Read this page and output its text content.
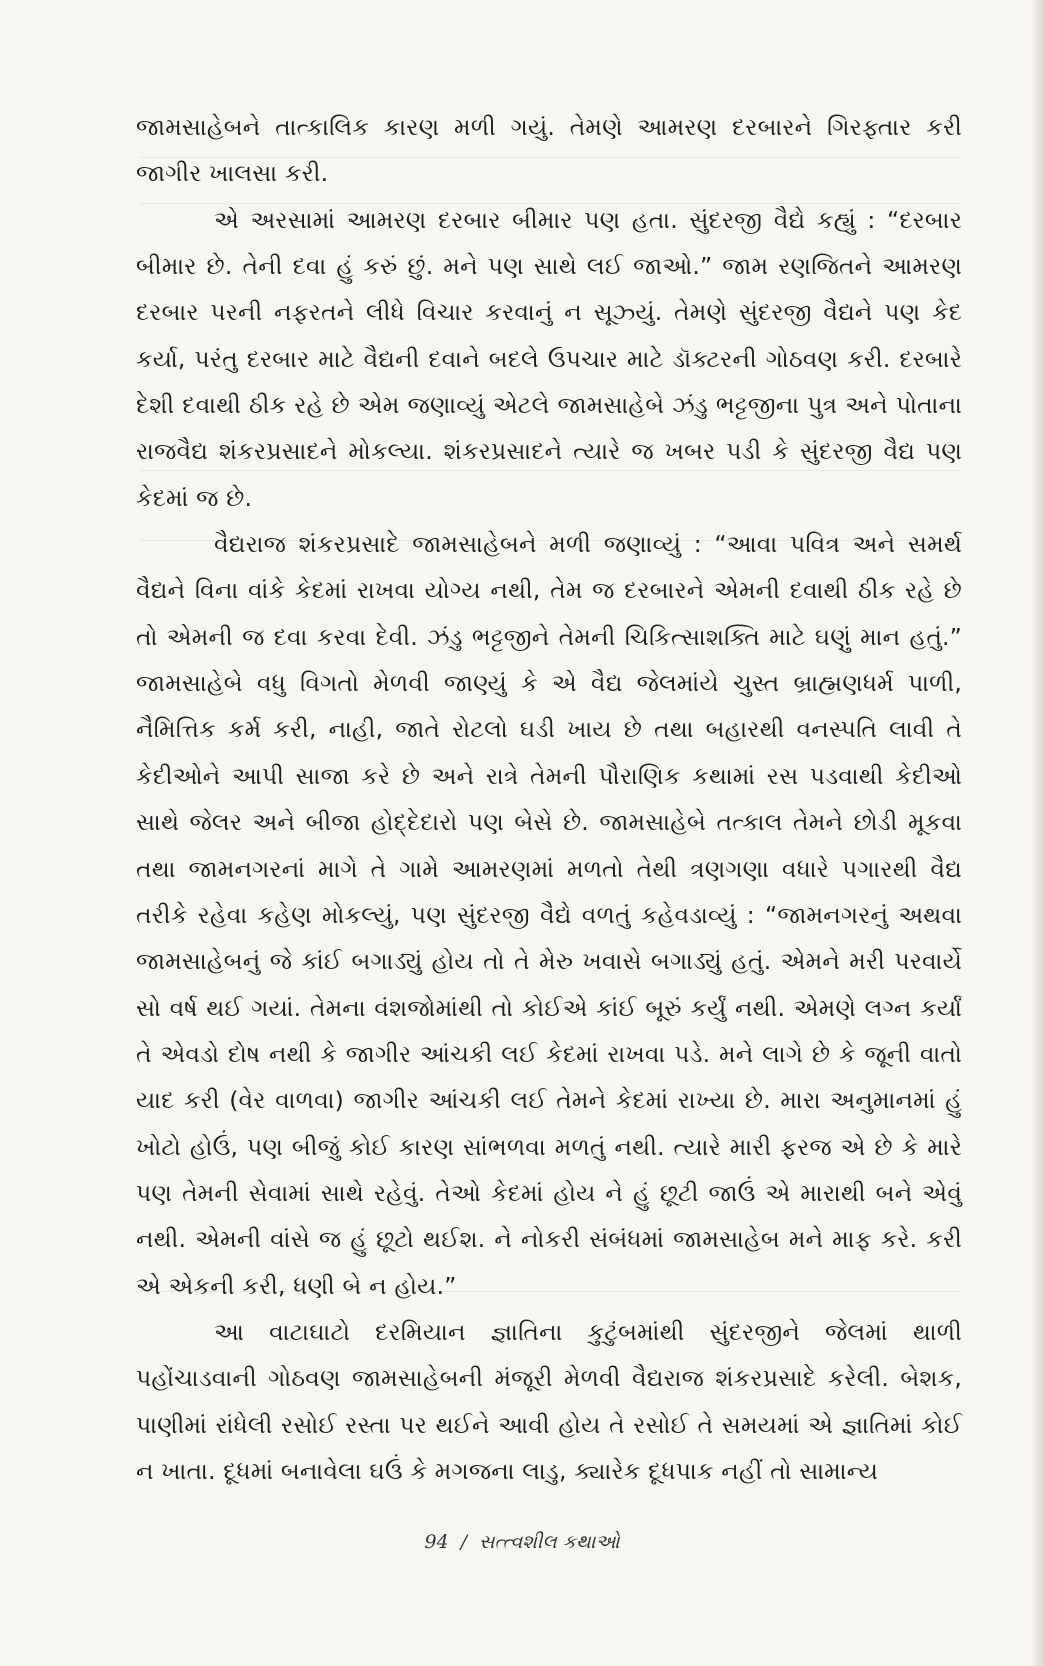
જામસાહેબને તાત્કાલિક કારણ મળી ગયું. તેમણે આમરણ દરબારને ગિરફ્તાર કરી જાગીર ખાલસા કરી.

એ અરસામાં આમરણ દરબાર બીમાર પણ હતા. સુંદરજી વૈદ્યે કહ્યું : “દરબાર બીમાર છે. તેની દવા હું કરું છું. મને પણ સાથે લઈ જાઓ.” જામ રણજિતને આમરણ દરબાર પરની નફરતને લીધે વિચાર કરવાનું ન સૂઝ્યું. તેમણે સુંદરજી વૈદ્યને પણ કેદ કર્યા, પરંતુ દરબાર માટે વૈદ્યની દવાને બદલે ઉપચાર માટે ડૉક્ટરની ગોઠવણ કરી. દરબારે દેશી દવાથી ઠીક રહે છે એમ જણાવ્યું એટલે જામસાહેબે ઝંડુ ભટ્ટજીના પુત્ર અને પોતાના રાજવૈદ્ય શંકરપ્રસાદને મોકલ્યા. શંકરપ્રસાદને ત્યારે જ ખબર પડી કે સુંદરજી વૈદ્ય પણ કેદમાં જ છે.

વૈદ્યરાજ શંકરપ્રસાદે જામસાહેબને મળી જણાવ્યું : “આવા પવિત્ર અને સમર્થ વૈદ્યને વિના વાંકે કેદમાં રાખવા યોગ્ય નથી, તેમ જ દરબારને એમની દવાથી ઠીક રહે છે તો એમની જ દવા કરવા દેવી. ઝંડુ ભટ્ટજીને તેમની ચિકિત્સાશક્તિ માટે ઘણું માન હતું.” જામસાહેબે વધુ વિગતો મેળવી જાણ્યું કે એ વૈદ્ય જેલમાંયે ચુસ્ત બ્રાહ્મણધર્મ પાળી, નૈમિત્તિક કર્મ કરી, નાહી, જાતે રોટલો ઘડી ખાય છે તથા બહારથી વનસ્પતિ લાવી તે કેદીઓને આપી સાજા કરે છે અને રાત્રે તેમની પૌરાણિક કથામાં રસ પડવાથી કેદીઓ સાથે જેલર અને બીજા હોદ્દેદારો પણ બેસે છે. જામસાહેબે તત્કાલ તેમને છોડી મૂકવા તથા જામનગરનાં માગે તે ગામે આમરણમાં મળતો તેથી ત્રણગણા વધારે પગારથી વૈદ્ય તરીકે રહેવા કહેણ મોકલ્યું, પણ સુંદરજી વૈદ્યે વળતું કહેવડાવ્યું : “જામનગરનું અથવા જામસાહેબનું જે કાંઈ બગાડ્યું હોય તો તે મેરુ ખવાસે બગાડ્યું હતું. એમને મરી પરવાર્યે સો વર્ષ થઈ ગયાં. તેમના વંશજોમાંથી તો કોઈએ કાંઈ બૂરું કર્યું નથી. એમણે લગ્ન કર્યાં તે એવડો દોષ નથી કે જાગીર આંચકી લઈ કેદમાં રાખવા પડે. મને લાગે છે કે જૂની વાતો યાદ કરી (વેર વાળવા) જાગીર આંચકી લઈ તેમને કેદમાં રાખ્યા છે. મારા અનુમાનમાં હું ખોટો હોઉં, પણ બીજું કોઈ કારણ સાંભળવા મળતું નથી. ત્યારે મારી ફરજ એ છે કે મારે પણ તેમની સેવામાં સાથે રહેવું. તેઓ કેદમાં હોય ને હું છૂટી જાઉં એ મારાથી બને એવું નથી. એમની વાંસે જ હું છૂટો થઈશ. ને નોકરી સંબંધમાં જામસાહેબ મને માફ કરે. કરી એ એકની કરી, ધણી બે ન હોય.”

આ વાટાઘાટો દરમિયાન જ્ઞાતિના કુટુંબમાંથી સુંદરજીને જેલમાં થાળી પહોંચાડવાની ગોઠવણ જામસાહેબની મંજૂરી મેળવી વૈદ્યરાજ શંકરપ્રસાદે કરેલી. બેશક, પાણીમાં રાંધેલી રસોઈ રસ્તા પર થઈને આવી હોય તે રસોઈ તે સમયમાં એ જ્ઞાતિમાં કોઈ ન ખાતા. દૂધમાં બનાવેલા ઘઉં કે મગજના લાડુ, ક્યારેક દૂધપાક નહીં તો સામાન્ય

94 / સત્ત્વશીલ કથાઓ
